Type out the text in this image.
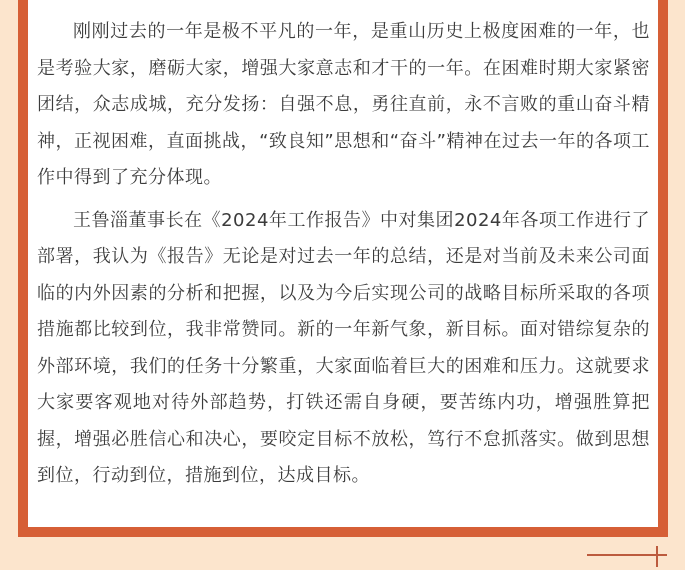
刚刚过去的一年是极不平凡的一年，是重山历史上极度困难的一年，也是考验大家，磨砺大家，增强大家意志和才干的一年。在困难时期大家紧密团结，众志成城，充分发扬：自强不息，勇往直前，永不言败的重山奋斗精神，正视困难，直面挑战，“致良知”思想和“奋斗”精神在过去一年的各项工作中得到了充分体现。

王鲁淄董事长在《2024年工作报告》中对集团2024年各项工作进行了部署，我认为《报告》无论是对过去一年的总结，还是对当前及未来公司面临的内外因素的分析和把握，以及为今后实现公司的战略目标所采取的各项措施都比较到位，我非常赞同。新的一年新气象，新目标。面对错综复杂的外部环境，我们的任务十分繁重，大家面临着巨大的困难和压力。这就要求大家要客观地对待外部趋势，打铁还需自身硬，要苦练内功，增强胜算把握，增强必胜信心和决心，要咬定目标不放松，笃行不怠抓落实。做到思想到位，行动到位，措施到位，达成目标。
